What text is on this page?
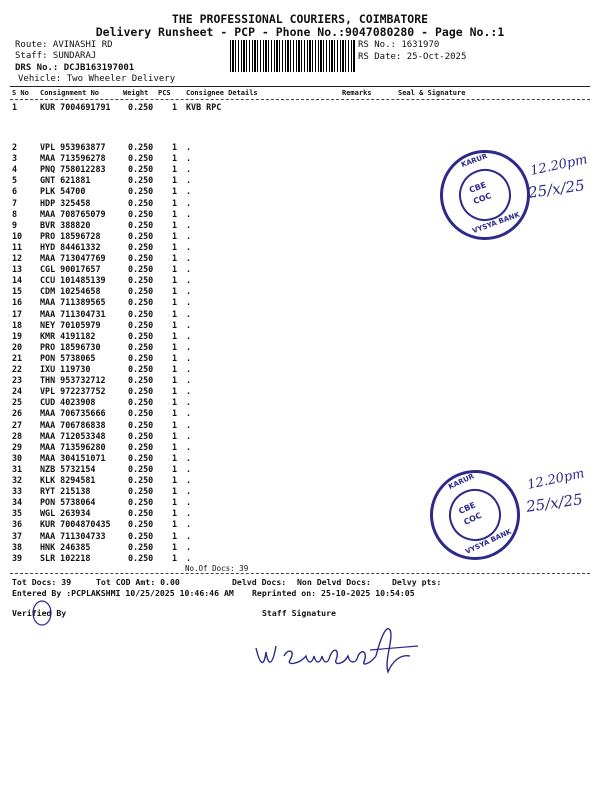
THE PROFESSIONAL COURIERS, COIMBATORE
Delivery Runsheet - PCP - Phone No.:9047080280 - Page No.:1
Route: AVINASHI RD
Staff: SUNDARAJ
DRS No.: DCJB163197001
Vehicle: Two Wheeler Delivery
RS No.: 1631970
RS Date: 25-Oct-2025
S No Consignment No	Weight PCS Consignee Details	Remarks	Seal & Signature
1	KUR 7004691791 0.250 1 KVB RPC
2	VPL 953963877	0.250 1 .
3	MAA 713596278	0.250 1 .
4	PNQ 758012283	0.250 1 .
5	GNT 621881	0.250 1 .
6	PLK 54700	0.250 1 .
7	HDP 325458	0.250 1 .
8	MAA 708765079	0.250 1 .
9	BVR 388820	0.250 1 .
10 PRO 18596728	0.250 1 .
11 HYD 84461332	0.250 1 .
12 MAA 713047769	0.250 1 .
13 CGL 90017657	0.250 1 .
14 CCU 101485139	0.250 1 .
15 CDM 10254658	0.250 1 .
16 MAA 711389565	0.250 1 .
17 MAA 711304731	0.250 1 .
18 NEY 70105979	0.250 1 .
19 KMR 4191182	0.250 1 .
20 PRO 18596730	0.250 1 .
21 PON 5738065	0.250 1 .
22 IXU 119730	0.250 1 .
23 THN 953732712	0.250 1 .
24 VPL 972237752	0.250 1 .
25 CUD 4023908	0.250 1 .
26 MAA 706735666	0.250 1 .
27 MAA 706786838	0.250 1 .
28 MAA 712053348	0.250 1 .
29 MAA 713596280	0.250 1 .
30 MAA 304151071	0.250 1 .
31 NZB 5732154	0.250 1 .
32 KLK 8294581	0.250 1 .
33 RYT 215138	0.250 1 .
34 PON 5738064	0.250 1 .
35 WGL 263934	0.250 1 .
36 KUR 7004870435 0.250 1 .
37 MAA 711304733	0.250 1 .
38 HNK 246385	0.250 1 .
39 SLR 102218	0.250 1 .
No.Of Docs: 39
Tot Docs: 39	Tot COD Amt: 0.00	Delvd Docs: Non Delvd Docs:	Delvy pts:
Entered By :PCPLAKSHMI 10/25/2025 10:46:46 AM Reprinted on: 25-10-2025 10:54:05
Verified By	Staff Signature
CBE
COC
KARUR
VYSYA BANK
12.20pm
25/x/25
CBE
COC
KARUR
VYSYA BANK
12.20pm
25/x/25
